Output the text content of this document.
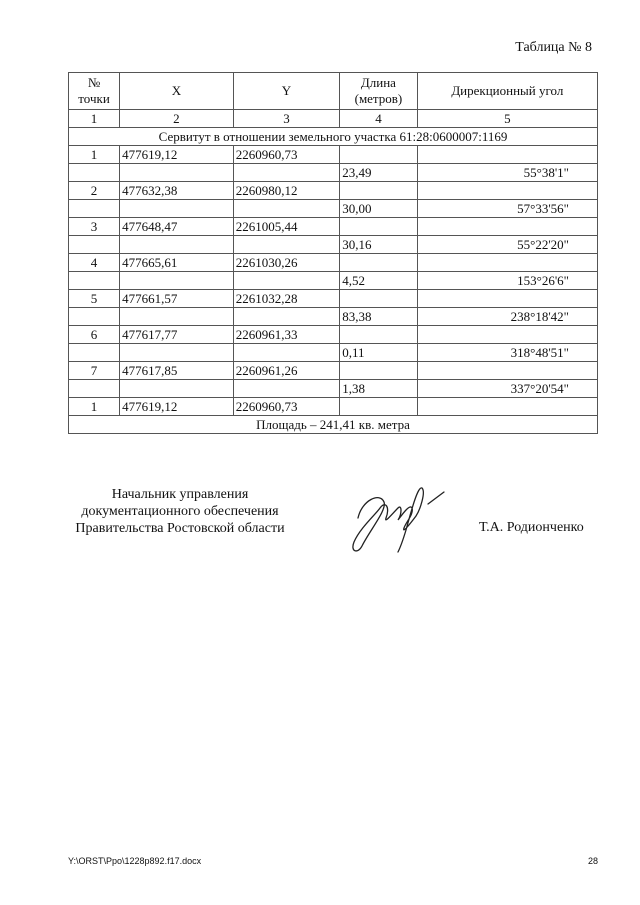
Таблица № 8
№ точки	X	Y	Длина (метров)	Дирекционный угол
1	2	3	4	5
Сервитут в отношении земельного участка 61:28:0600007:1169				
1	477619,12	2260960,73		
			23,49	55°38'1"
2	477632,38	2260980,12		
			30,00	57°33'56"
3	477648,47	2261005,44		
			30,16	55°22'20"
4	477665,61	2261030,26		
			4,52	153°26'6"
5	477661,57	2261032,28		
			83,38	238°18'42"
6	477617,77	2260961,33		
			0,11	318°48'51"
7	477617,85	2260961,26		
			1,38	337°20'54"
1	477619,12	2260960,73		
Площадь – 241,41 кв. метра				
Начальник управления
документационного обеспечения
Правительства Ростовской области	Т.А. Родионченко
Y:\ORST\Ppo\1228p892.f17.docx	28
